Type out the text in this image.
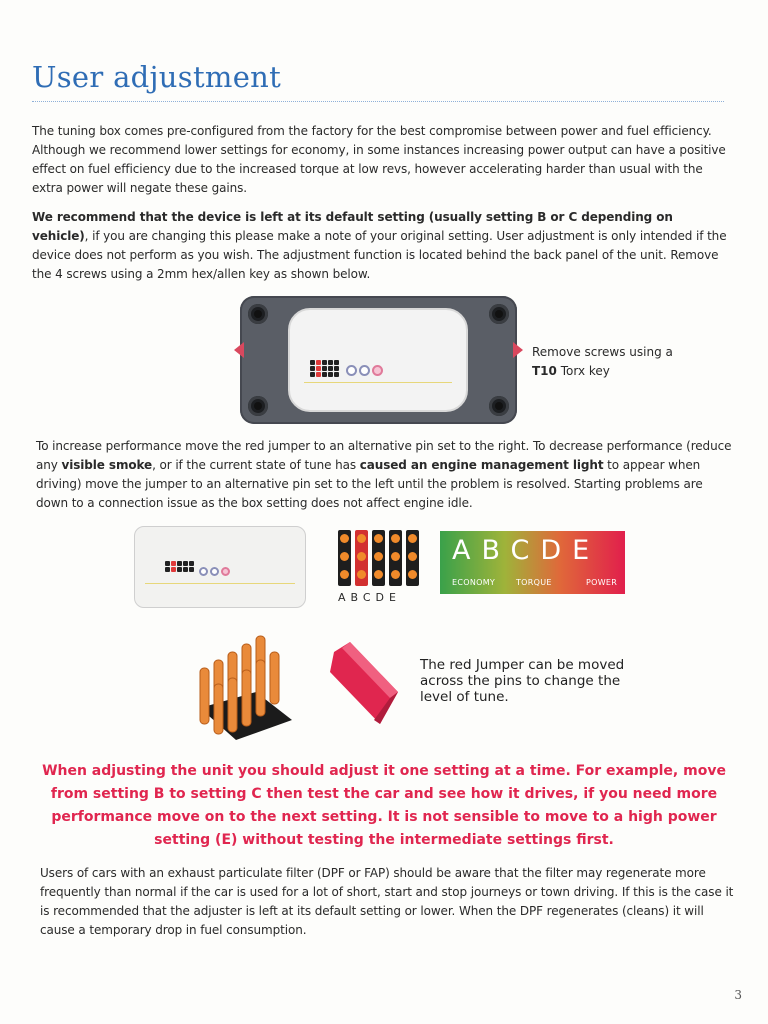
User adjustment
The tuning box comes pre-configured from the factory for the best compromise between power and fuel efficiency. Although we recommend lower settings for economy, in some instances increasing power output can have a positive effect on fuel efficiency due to the increased torque at low revs, however accelerating harder than usual with the extra power will negate these gains.
We recommend that the device is left at its default setting (usually setting B or C depending on vehicle), if you are changing this please make a note of your original setting. User adjustment is only intended if the device does not perform as you wish. The adjustment function is located behind the back panel of the unit. Remove the 4 screws using a 2mm hex/allen key as shown below.
Remove screws using a
T10 Torx key
To increase performance move the red jumper to an alternative pin set to the right. To decrease performance (reduce any visible smoke, or if the current state of tune has caused an engine management light to appear when driving) move the jumper to an alternative pin set to the left until the problem is resolved. Starting problems are down to a connection issue as the box setting does not affect engine idle.
ABCDE
ABCDE
ECONOMY	TORQUE	POWER
The red Jumper can be moved across the pins to change the level of tune.
When adjusting the unit you should adjust it one setting at a time. For example, move from setting B to setting C then test the car and see how it drives, if you need more performance move on to the next setting. It is not sensible to move to a high power setting (E) without testing the intermediate settings first.
Users of cars with an exhaust particulate filter (DPF or FAP) should be aware that the filter may regenerate more frequently than normal if the car is used for a lot of short, start and stop journeys or town driving. If this is the case it is recommended that the adjuster is left at its default setting or lower. When the DPF regenerates (cleans) it will cause a temporary drop in fuel consumption.
3
